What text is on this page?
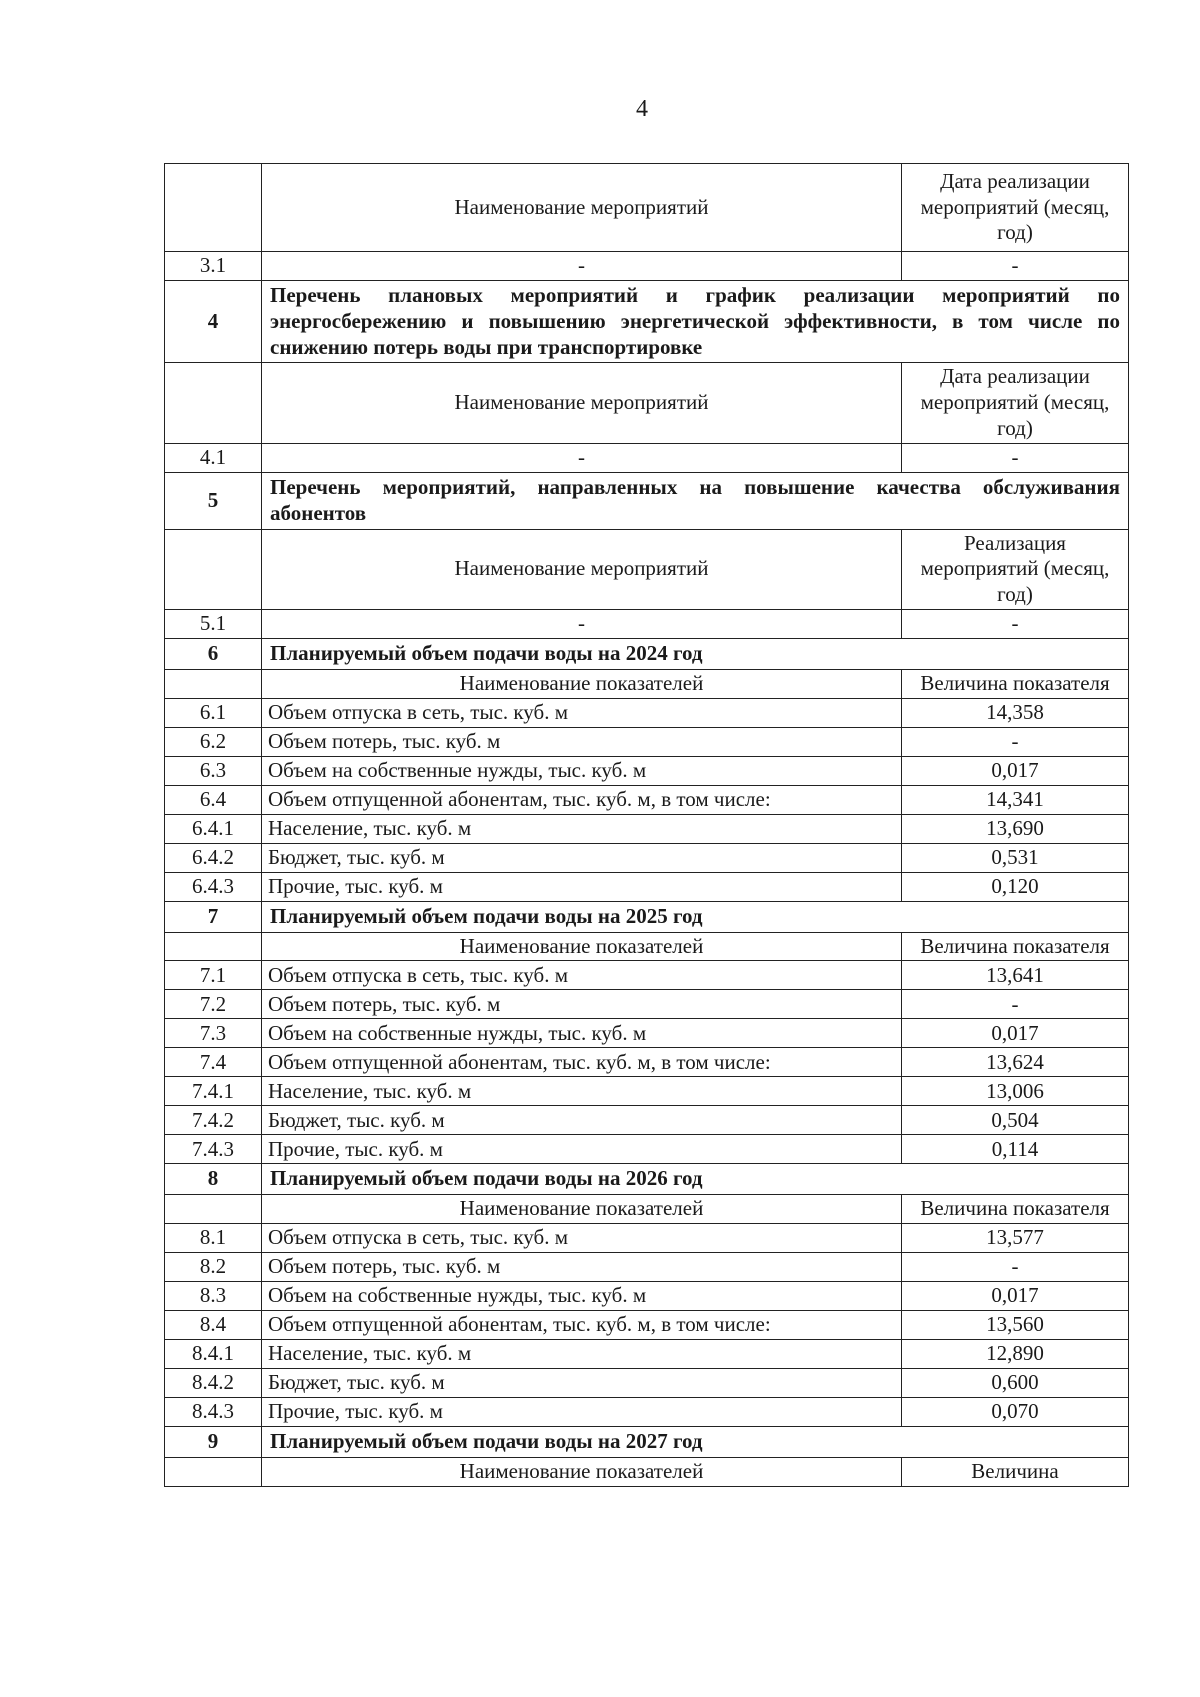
4
	Наименование мероприятий	Дата реализации мероприятий (месяц, год)
3.1	-	-
4	Перечень плановых мероприятий и график реализации мероприятий по энергосбережению и повышению энергетической эффективности, в том числе по снижению потерь воды при транспортировке	
	Наименование мероприятий	Дата реализации мероприятий (месяц, год)
4.1	-	-
5	Перечень мероприятий, направленных на повышение качества обслуживания абонентов	
	Наименование мероприятий	Реализация мероприятий (месяц, год)
5.1	-	-
6	Планируемый объем подачи воды на 2024 год	
	Наименование показателей	Величина показателя
6.1	Объем отпуска в сеть, тыс. куб. м	14,358
6.2	Объем потерь, тыс. куб. м	-
6.3	Объем на собственные нужды, тыс. куб. м	0,017
6.4	Объем отпущенной абонентам, тыс. куб. м, в том числе:	14,341
6.4.1	Население, тыс. куб. м	13,690
6.4.2	Бюджет, тыс. куб. м	0,531
6.4.3	Прочие, тыс. куб. м	0,120
7	Планируемый объем подачи воды на 2025 год	
	Наименование показателей	Величина показателя
7.1	Объем отпуска в сеть, тыс. куб. м	13,641
7.2	Объем потерь, тыс. куб. м	-
7.3	Объем на собственные нужды, тыс. куб. м	0,017
7.4	Объем отпущенной абонентам, тыс. куб. м, в том числе:	13,624
7.4.1	Население, тыс. куб. м	13,006
7.4.2	Бюджет, тыс. куб. м	0,504
7.4.3	Прочие, тыс. куб. м	0,114
8	Планируемый объем подачи воды на 2026 год	
	Наименование показателей	Величина показателя
8.1	Объем отпуска в сеть, тыс. куб. м	13,577
8.2	Объем потерь, тыс. куб. м	-
8.3	Объем на собственные нужды, тыс. куб. м	0,017
8.4	Объем отпущенной абонентам, тыс. куб. м, в том числе:	13,560
8.4.1	Население, тыс. куб. м	12,890
8.4.2	Бюджет, тыс. куб. м	0,600
8.4.3	Прочие, тыс. куб. м	0,070
9	Планируемый объем подачи воды на 2027 год	
	Наименование показателей	Величина
